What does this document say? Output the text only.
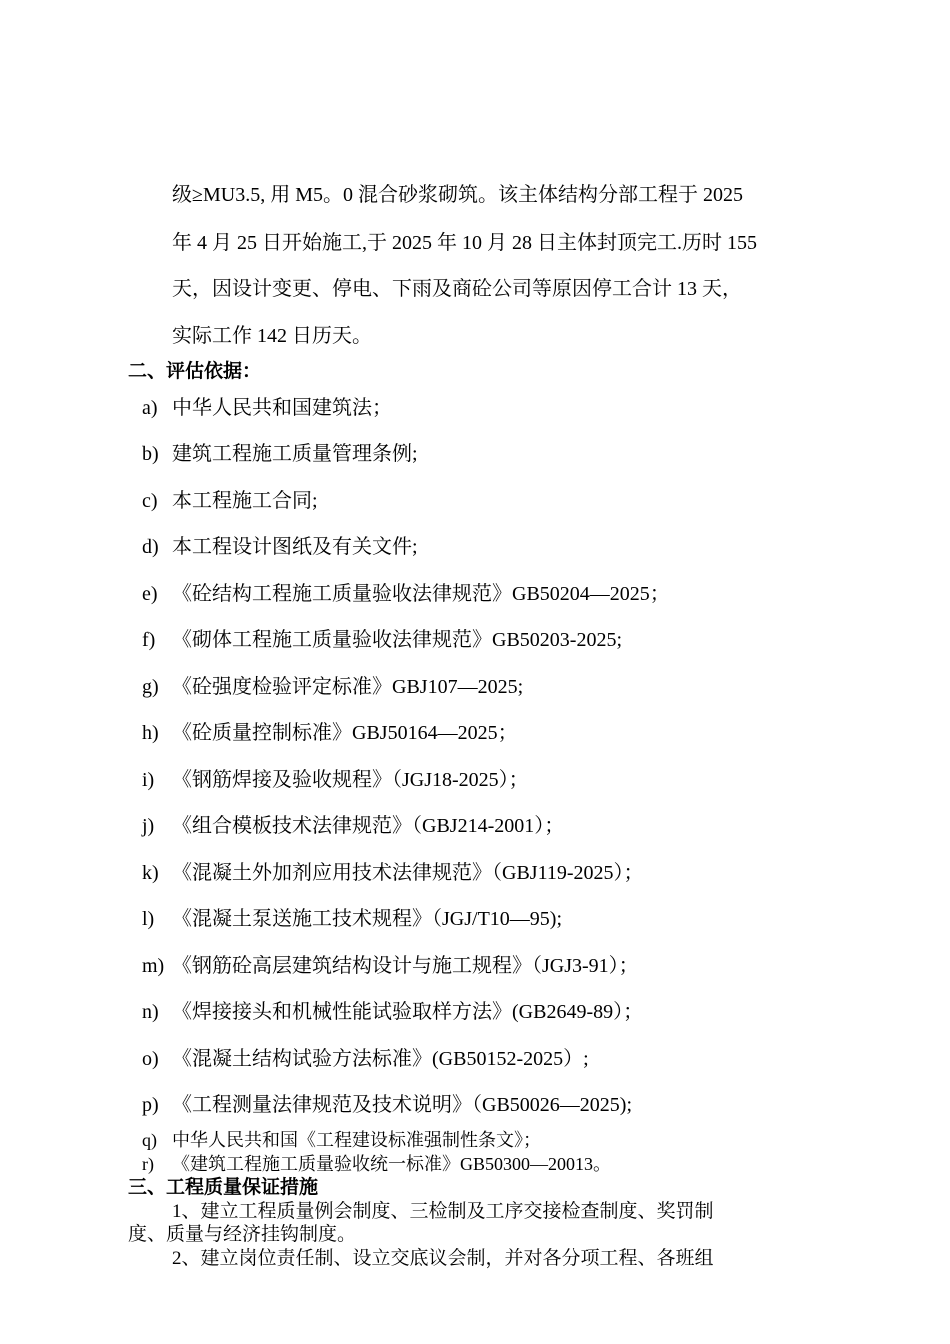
级≥MU3.5, 用 M5。0 混合砂浆砌筑。该主体结构分部工程于 2025
年 4 月 25 日开始施工,于 2025 年 10 月 28 日主体封顶完工.历时 155
天，因设计变更、停电、下雨及商砼公司等原因停工合计 13 天，
实际工作 142 日历天。
二、评估依据：
a) 中华人民共和国建筑法；
b) 建筑工程施工质量管理条例;
c) 本工程施工合同;
d) 本工程设计图纸及有关文件;
e) 《砼结构工程施工质量验收法律规范》GB50204—2025；
f) 《砌体工程施工质量验收法律规范》GB50203-2025;
g) 《砼强度检验评定标准》GBJ107—2025;
h) 《砼质量控制标准》GBJ50164—2025；
i) 《钢筋焊接及验收规程》（JGJ18-2025）；
j) 《组合模板技术法律规范》（GBJ214-2001）；
k) 《混凝土外加剂应用技术法律规范》（GBJ119-2025）；
l) 《混凝土泵送施工技术规程》（JGJ/T10—95);
m) 《钢筋砼高层建筑结构设计与施工规程》（JGJ3-91）；
n) 《焊接接头和机械性能试验取样方法》(GB2649-89）；
o) 《混凝土结构试验方法标准》(GB50152-2025）;
p) 《工程测量法律规范及技术说明》（GB50026—2025);
q) 中华人民共和国《工程建设标准强制性条文》；
r) 《建筑工程施工质量验收统一标准》GB50300—20013。
三、工程质量保证措施
1、建立工程质量例会制度、三检制及工序交接检查制度、奖罚制
度、质量与经济挂钩制度。
2、建立岗位责任制、设立交底议会制，并对各分项工程、各班组
